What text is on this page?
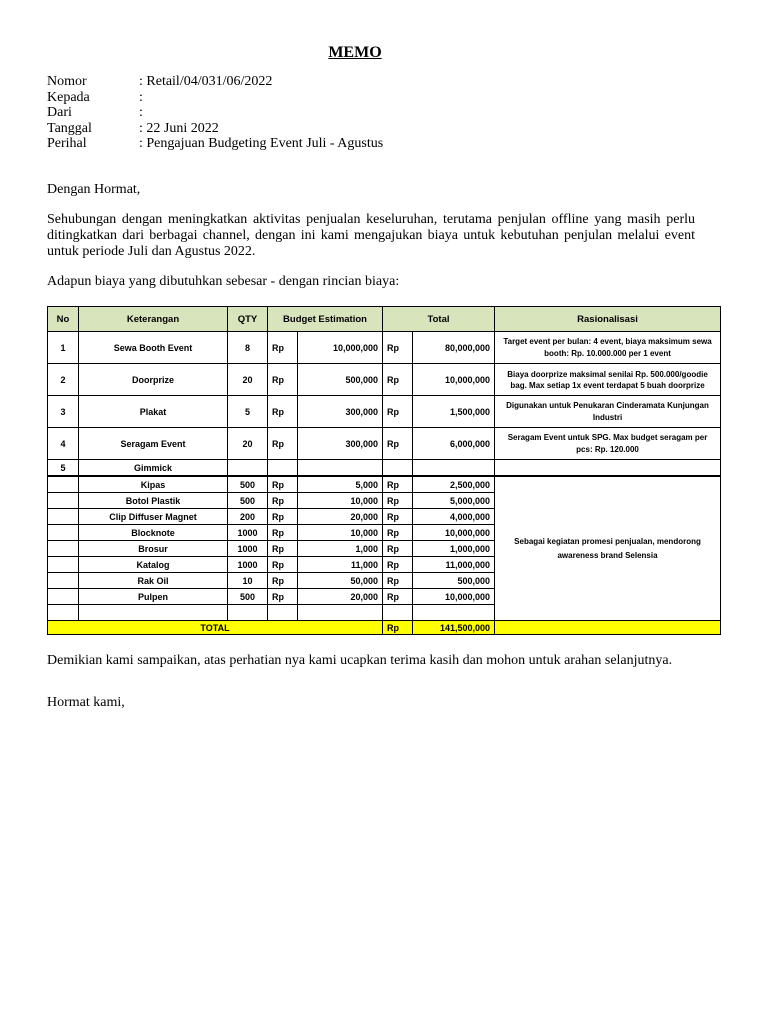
MEMO
Nomor	: Retail/04/031/06/2022
Kepada	:
Dari	:
Tanggal	: 22 Juni 2022
Perihal	: Pengajuan Budgeting Event Juli - Agustus
Dengan Hormat,
Sehubungan dengan meningkatkan aktivitas penjualan keseluruhan, terutama penjulan offline yang masih perlu ditingkatkan dari berbagai channel, dengan ini kami mengajukan biaya untuk kebutuhan penjulan melalui event untuk periode Juli dan Agustus 2022.
Adapun biaya yang dibutuhkan sebesar - dengan rincian biaya:
No	Keterangan	QTY	Budget Estimation		Total		Rasionalisasi
1	Sewa Booth Event	8	Rp	10,000,000	Rp	80,000,000	Target event per bulan: 4 event, biaya maksimum sewa booth: Rp. 10.000.000 per 1 event
2	Doorprize	20	Rp	500,000	Rp	10,000,000	Biaya doorprize maksimal senilai Rp. 500.000/goodie bag. Max setiap 1x event terdapat 5 buah doorprize
3	Plakat	5	Rp	300,000	Rp	1,500,000	Digunakan untuk Penukaran Cinderamata Kunjungan Industri
4	Seragam Event	20	Rp	300,000	Rp	6,000,000	Seragam Event untuk SPG. Max budget seragam per pcs: Rp. 120.000
5	Gimmick						
	Kipas	500	Rp	5,000	Rp	2,500,000	Sebagai kegiatan promesi penjualan, mendorong awareness brand Selensia
	Botol Plastik	500	Rp	10,000	Rp	5,000,000	
	Clip Diffuser Magnet	200	Rp	20,000	Rp	4,000,000	
	Blocknote	1000	Rp	10,000	Rp	10,000,000	
	Brosur	1000	Rp	1,000	Rp	1,000,000	
	Katalog	1000	Rp	11,000	Rp	11,000,000	
	Rak Oil	10	Rp	50,000	Rp	500,000	
	Pulpen	500	Rp	20,000	Rp	10,000,000	

TOTAL					Rp	141,500,000	
Demikian kami sampaikan, atas perhatian nya kami ucapkan terima kasih dan mohon untuk arahan selanjutnya.
Hormat kami,
